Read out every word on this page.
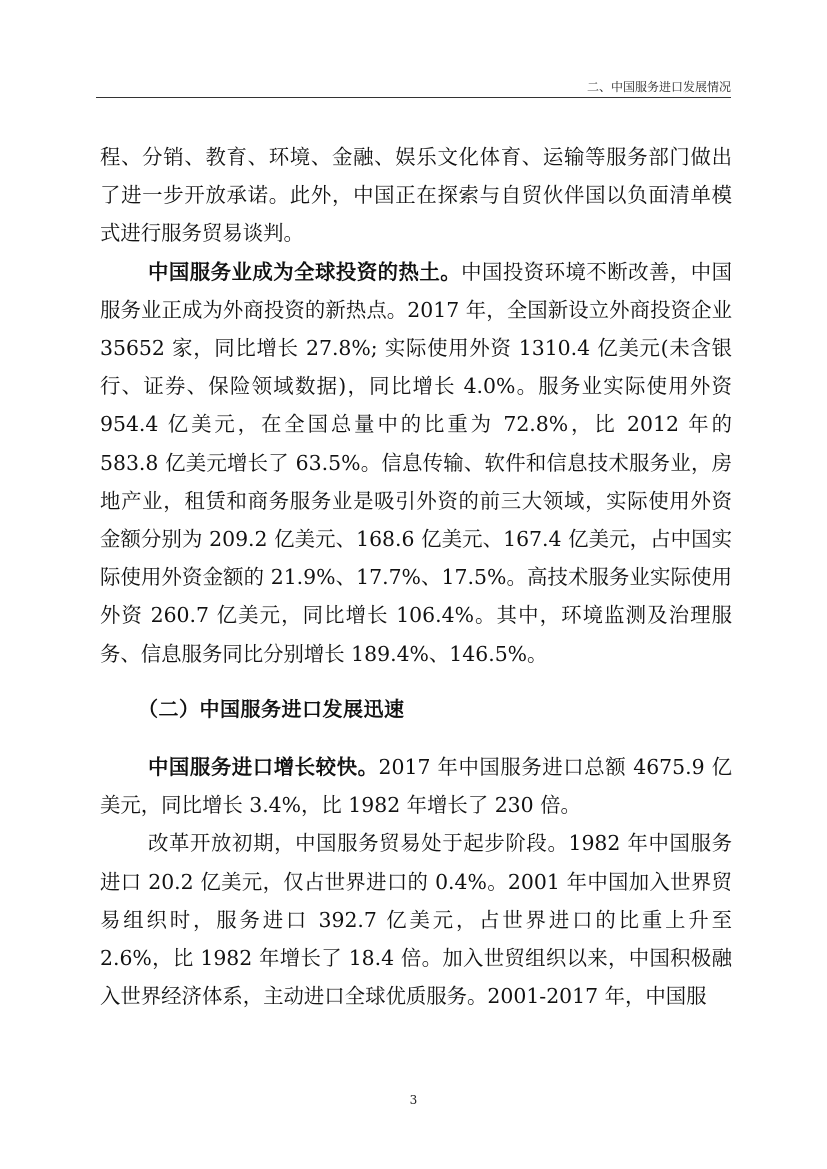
二、中国服务进口发展情况

程、分销、教育、环境、金融、娱乐文化体育、运输等服务部门做出了进一步开放承诺。此外，中国正在探索与自贸伙伴国以负面清单模式进行服务贸易谈判。

中国服务业成为全球投资的热土。中国投资环境不断改善，中国服务业正成为外商投资的新热点。2017 年，全国新设立外商投资企业 35652 家，同比增长 27.8%; 实际使用外资 1310.4 亿美元(未含银行、证券、保险领域数据)，同比增长 4.0%。服务业实际使用外资 954.4 亿美元，在全国总量中的比重为 72.8%，比 2012 年的 583.8 亿美元增长了 63.5%。信息传输、软件和信息技术服务业，房地产业，租赁和商务服务业是吸引外资的前三大领域，实际使用外资金额分别为 209.2 亿美元、168.6 亿美元、167.4 亿美元，占中国实际使用外资金额的 21.9%、17.7%、17.5%。高技术服务业实际使用外资 260.7 亿美元，同比增长 106.4%。其中，环境监测及治理服务、信息服务同比分别增长 189.4%、146.5%。

（二）中国服务进口发展迅速

中国服务进口增长较快。2017 年中国服务进口总额 4675.9 亿美元，同比增长 3.4%，比 1982 年增长了 230 倍。

改革开放初期，中国服务贸易处于起步阶段。1982 年中国服务进口 20.2 亿美元，仅占世界进口的 0.4%。2001 年中国加入世界贸易组织时，服务进口 392.7 亿美元，占世界进口的比重上升至 2.6%，比 1982 年增长了 18.4 倍。加入世贸组织以来，中国积极融入世界经济体系，主动进口全球优质服务。2001-2017 年，中国服

3
